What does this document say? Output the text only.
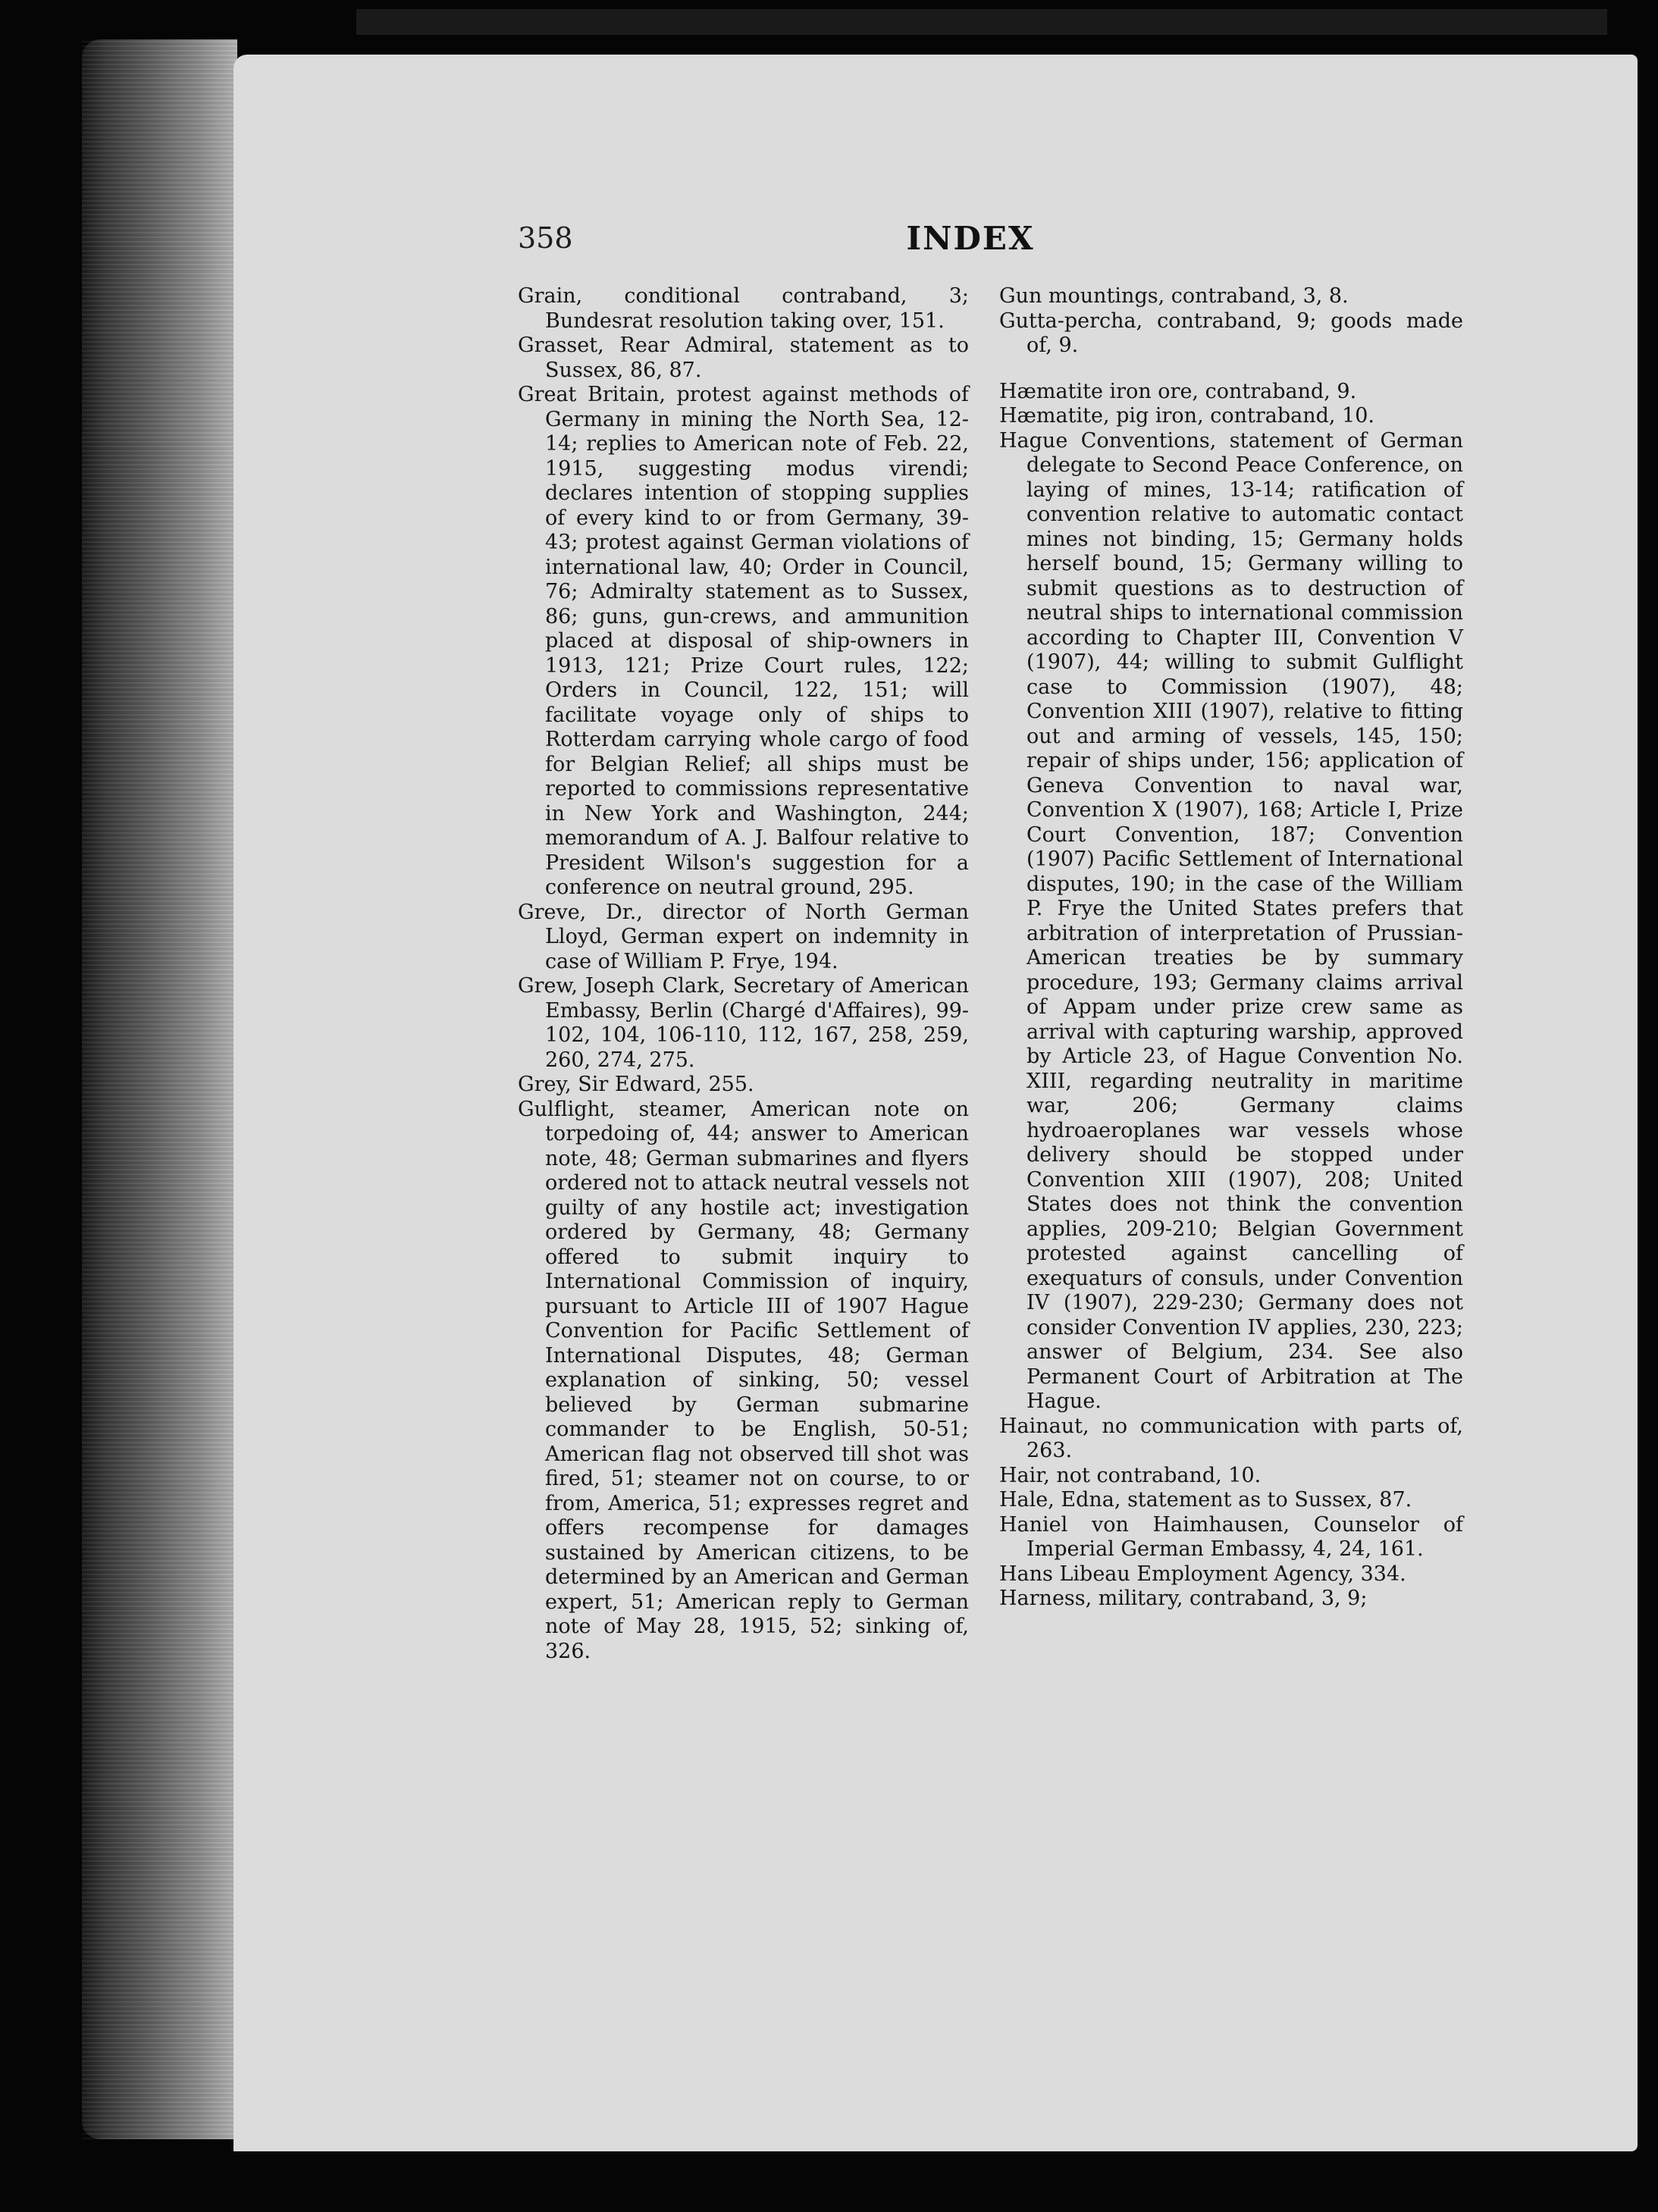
358	INDEX

Grain, conditional contraband, 3; Bundesrat resolution taking over, 151.

Grasset, Rear Admiral, statement as to Sussex, 86, 87.

Great Britain, protest against methods of Germany in mining the North Sea, 12-14; replies to American note of Feb. 22, 1915, suggesting modus virendi; declares intention of stopping supplies of every kind to or from Germany, 39-43; protest against German violations of international law, 40; Order in Council, 76; Admiralty statement as to Sussex, 86; guns, gun-crews, and ammunition placed at disposal of ship-owners in 1913, 121; Prize Court rules, 122; Orders in Council, 122, 151; will facilitate voyage only of ships to Rotterdam carrying whole cargo of food for Belgian Relief; all ships must be reported to commissions representative in New York and Washington, 244; memorandum of A. J. Balfour relative to President Wilson's suggestion for a conference on neutral ground, 295.

Greve, Dr., director of North German Lloyd, German expert on indemnity in case of William P. Frye, 194.

Grew, Joseph Clark, Secretary of American Embassy, Berlin (Chargé d'Affaires), 99-102, 104, 106-110, 112, 167, 258, 259, 260, 274, 275.

Grey, Sir Edward, 255.

Gulflight, steamer, American note on torpedoing of, 44; answer to American note, 48; German submarines and flyers ordered not to attack neutral vessels not guilty of any hostile act; investigation ordered by Germany, 48; Germany offered to submit inquiry to International Commission of inquiry, pursuant to Article III of 1907 Hague Convention for Pacific Settlement of International Disputes, 48; German explanation of sinking, 50; vessel believed by German submarine commander to be English, 50-51; American flag not observed till shot was fired, 51; steamer not on course, to or from, America, 51; expresses regret and offers recompense for damages sustained by American citizens, to be determined by an American and German expert, 51; American reply to German note of May 28, 1915, 52; sinking of, 326.

Gun mountings, contraband, 3, 8.

Gutta-percha, contraband, 9; goods made of, 9.

Hæmatite iron ore, contraband, 9.

Hæmatite, pig iron, contraband, 10.

Hague Conventions, statement of German delegate to Second Peace Conference, on laying of mines, 13-14; ratification of convention relative to automatic contact mines not binding, 15; Germany holds herself bound, 15; Germany willing to submit questions as to destruction of neutral ships to international commission according to Chapter III, Convention V (1907), 44; willing to submit Gulflight case to Commission (1907), 48; Convention XIII (1907), relative to fitting out and arming of vessels, 145, 150; repair of ships under, 156; application of Geneva Convention to naval war, Convention X (1907), 168; Article I, Prize Court Convention, 187; Convention (1907) Pacific Settlement of International disputes, 190; in the case of the William P. Frye the United States prefers that arbitration of interpretation of Prussian-American treaties be by summary procedure, 193; Germany claims arrival of Appam under prize crew same as arrival with capturing warship, approved by Article 23, of Hague Convention No. XIII, regarding neutrality in maritime war, 206; Germany claims hydroaeroplanes war vessels whose delivery should be stopped under Convention XIII (1907), 208; United States does not think the convention applies, 209-210; Belgian Government protested against cancelling of exequaturs of consuls, under Convention IV (1907), 229-230; Germany does not consider Convention IV applies, 230, 223; answer of Belgium, 234. See also Permanent Court of Arbitration at The Hague.

Hainaut, no communication with parts of, 263.

Hair, not contraband, 10.

Hale, Edna, statement as to Sussex, 87.

Haniel von Haimhausen, Counselor of Imperial German Embassy, 4, 24, 161.

Hans Libeau Employment Agency, 334.

Harness, military, contraband, 3, 9;
